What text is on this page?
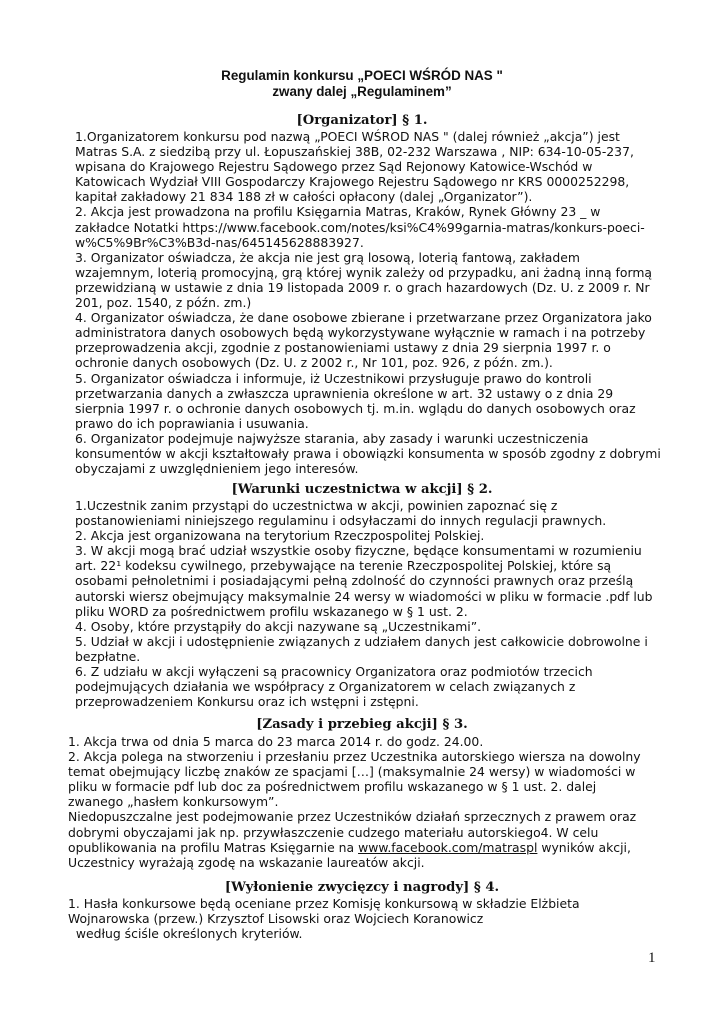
Regulamin konkursu „POECI WŚRÓD NAS "
zwany dalej „Regulaminem”
[Organizator] § 1.
1.Organizatorem konkursu pod nazwą „POECI WŚROD NAS " (dalej również „akcja”) jest
Matras S.A. z siedzibą przy ul. Łopuszańskiej 38B, 02-232 Warszawa , NIP: 634-10-05-237,
wpisana do Krajowego Rejestru Sądowego przez Sąd Rejonowy Katowice-Wschód w
Katowicach Wydział VIII Gospodarczy Krajowego Rejestru Sądowego nr KRS 0000252298,
kapitał zakładowy 21 834 188 zł w całości opłacony (dalej „Organizator”).
2. Akcja jest prowadzona na profilu Księgarnia Matras, Kraków, Rynek Główny 23 _ w
zakładce Notatki https://www.facebook.com/notes/ksi%C4%99garnia-matras/konkurs-poeci-
w%C5%9Br%C3%B3d-nas/645145628883927.
3. Organizator oświadcza, że akcja nie jest grą losową, loterią fantową, zakładem
wzajemnym, loterią promocyjną, grą której wynik zależy od przypadku, ani żadną inną formą
przewidzianą w ustawie z dnia 19 listopada 2009 r. o grach hazardowych (Dz. U. z 2009 r. Nr
201, poz. 1540, z późn. zm.)
4. Organizator oświadcza, że dane osobowe zbierane i przetwarzane przez Organizatora jako
administratora danych osobowych będą wykorzystywane wyłącznie w ramach i na potrzeby
przeprowadzenia akcji, zgodnie z postanowieniami ustawy z dnia 29 sierpnia 1997 r. o
ochronie danych osobowych (Dz. U. z 2002 r., Nr 101, poz. 926, z późn. zm.).
5. Organizator oświadcza i informuje, iż Uczestnikowi przysługuje prawo do kontroli
przetwarzania danych a zwłaszcza uprawnienia określone w art. 32 ustawy o z dnia 29
sierpnia 1997 r. o ochronie danych osobowych tj. m.in. wglądu do danych osobowych oraz
prawo do ich poprawiania i usuwania.
6. Organizator podejmuje najwyższe starania, aby zasady i warunki uczestniczenia
konsumentów w akcji kształtowały prawa i obowiązki konsumenta w sposób zgodny z dobrymi
obyczajami z uwzględnieniem jego interesów.
[Warunki uczestnictwa w akcji] § 2.
1.Uczestnik zanim przystąpi do uczestnictwa w akcji, powinien zapoznać się z
postanowieniami niniejszego regulaminu i odsyłaczami do innych regulacji prawnych.
2. Akcja jest organizowana na terytorium Rzeczpospolitej Polskiej.
3. W akcji mogą brać udział wszystkie osoby fizyczne, będące konsumentami w rozumieniu
art. 22¹ kodeksu cywilnego, przebywające na terenie Rzeczpospolitej Polskiej, które są
osobami pełnoletnimi i posiadającymi pełną zdolność do czynności prawnych oraz prześlą
autorski wiersz obejmujący maksymalnie 24 wersy w wiadomości w pliku w formacie .pdf lub
pliku WORD za pośrednictwem profilu wskazanego w § 1 ust. 2.
4. Osoby, które przystąpiły do akcji nazywane są „Uczestnikami”.
5. Udział w akcji i udostępnienie związanych z udziałem danych jest całkowicie dobrowolne i
bezpłatne.
6. Z udziału w akcji wyłączeni są pracownicy Organizatora oraz podmiotów trzecich
podejmujących działania we współpracy z Organizatorem w celach związanych z
przeprowadzeniem Konkursu oraz ich wstępni i zstępni.
[Zasady i przebieg akcji] § 3.
1. Akcja trwa od dnia 5 marca do 23 marca 2014 r. do godz. 24.00.
2. Akcja polega na stworzeniu i przesłaniu przez Uczestnika autorskiego wiersza na dowolny
temat obejmujący liczbę znaków ze spacjami […] (maksymalnie 24 wersy) w wiadomości w
pliku w formacie pdf lub doc za pośrednictwem profilu wskazanego w § 1 ust. 2. dalej
zwanego „hasłem konkursowym”.
Niedopuszczalne jest podejmowanie przez Uczestników działań sprzecznych z prawem oraz
dobrymi obyczajami jak np. przywłaszczenie cudzego materiału autorskiego4. W celu
opublikowania na profilu Matras Księgarnie na www.facebook.com/matraspl wyników akcji,
Uczestnicy wyrażają zgodę na wskazanie laureatów akcji.
[Wyłonienie zwycięzcy i nagrody] § 4.
1. Hasła konkursowe będą oceniane przez Komisję konkursową w składzie Elżbieta
Wojnarowska (przew.) Krzysztof Lisowski oraz Wojciech Koranowicz
według ściśle określonych kryteriów.
1
